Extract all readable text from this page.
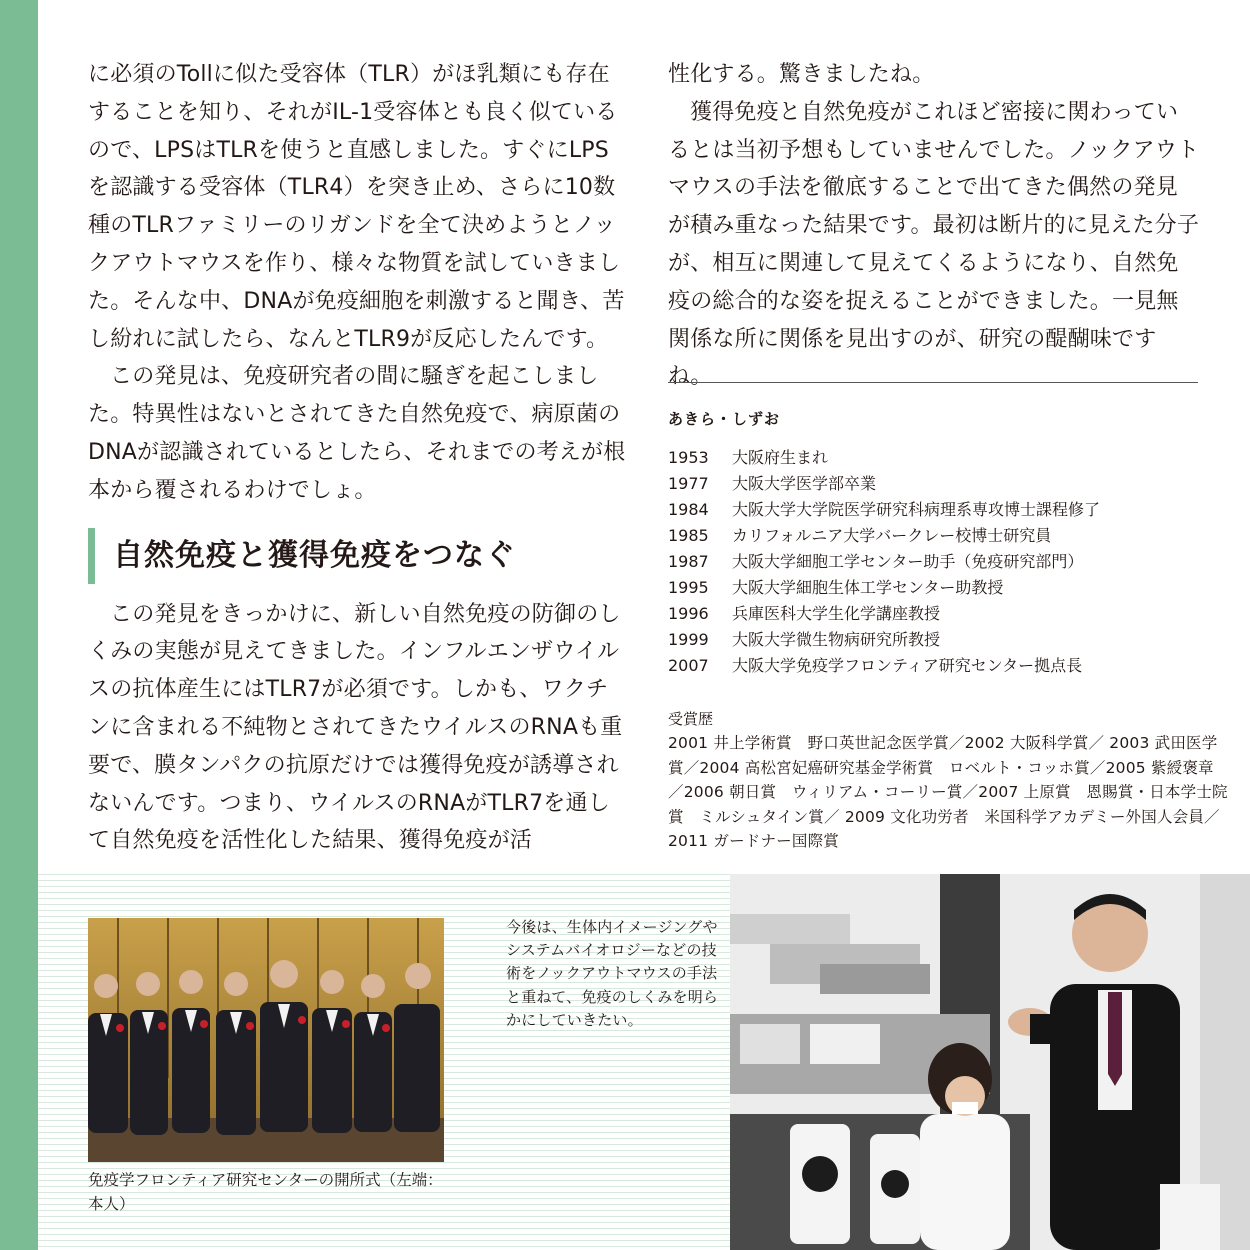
に必須のTollに似た受容体（TLR）がほ乳類にも存在することを知り、それがIL-1受容体とも良く似ているので、LPSはTLRを使うと直感しました。すぐにLPSを認識する受容体（TLR4）を突き止め、さらに10数種のTLRファミリーのリガンドを全て決めようとノックアウトマウスを作り、様々な物質を試していきました。そんな中、DNAが免疫細胞を刺激すると聞き、苦し紛れに試したら、なんとTLR9が反応したんです。

この発見は、免疫研究者の間に騒ぎを起こしました。特異性はないとされてきた自然免疫で、病原菌のDNAが認識されているとしたら、それまでの考えが根本から覆されるわけでしょ。

自然免疫と獲得免疫をつなぐ

この発見をきっかけに、新しい自然免疫の防御のしくみの実態が見えてきました。インフルエンザウイルスの抗体産生にはTLR7が必須です。しかも、ワクチンに含まれる不純物とされてきたウイルスのRNAも重要で、膜タンパクの抗原だけでは獲得免疫が誘導されないんです。つまり、ウイルスのRNAがTLR7を通して自然免疫を活性化した結果、獲得免疫が活

性化する。驚きましたね。

獲得免疫と自然免疫がこれほど密接に関わっているとは当初予想もしていませんでした。ノックアウトマウスの手法を徹底することで出てきた偶然の発見が積み重なった結果です。最初は断片的に見えた分子が、相互に関連して見えてくるようになり、自然免疫の総合的な姿を捉えることができました。一見無関係な所に関係を見出すのが、研究の醍醐味ですね。

あきら・しずお
1953	大阪府生まれ
1977	大阪大学医学部卒業
1984	大阪大学大学院医学研究科病理系専攻博士課程修了
1985	カリフォルニア大学バークレー校博士研究員
1987	大阪大学細胞工学センター助手（免疫研究部門）
1995	大阪大学細胞生体工学センター助教授
1996	兵庫医科大学生化学講座教授
1999	大阪大学微生物病研究所教授
2007	大阪大学免疫学フロンティア研究センター拠点長
受賞歴
2001 井上学術賞　野口英世記念医学賞／2002 大阪科学賞／ 2003 武田医学賞／2004 高松宮妃癌研究基金学術賞　ロベルト・コッホ賞／2005 紫綬褒章／2006 朝日賞　ウィリアム・コーリー賞／2007 上原賞　恩賜賞・日本学士院賞　ミルシュタイン賞／ 2009 文化功労者　米国科学アカデミー外国人会員／2011 ガードナー国際賞
免疫学フロンティア研究センターの開所式（左端：本人）
今後は、生体内イメージングやシステムバイオロジーなどの技術をノックアウトマウスの手法と重ねて、免疫のしくみを明らかにしていきたい。
